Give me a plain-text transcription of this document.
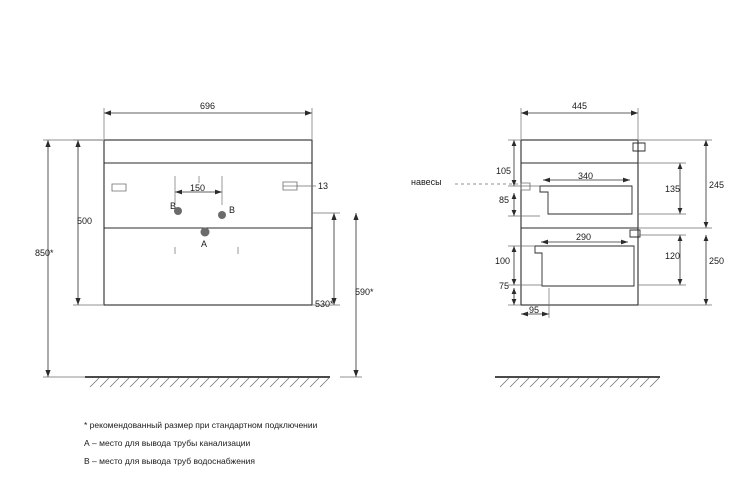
696
500
850*
150	13
530*
590*
В	В
А
445
навесы
105
85
340
135	245
290
100	120	250
75
95
* рекомендованный размер при стандартном подключении
А – место для вывода трубы канализации
В – место для вывода труб водоснабжения
